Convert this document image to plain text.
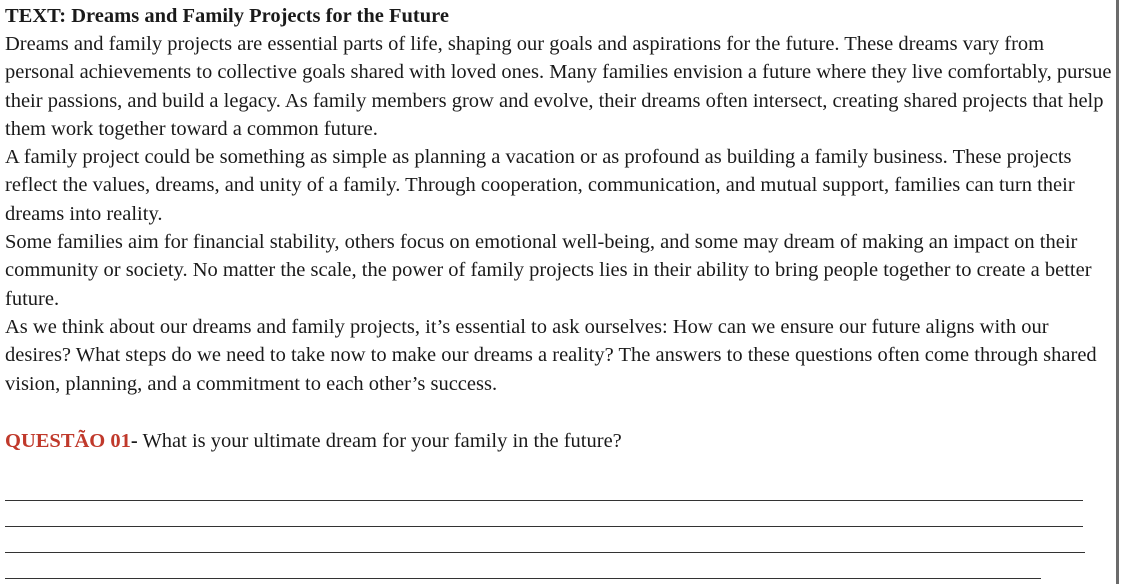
TEXT: Dreams and Family Projects for the Future

Dreams and family projects are essential parts of life, shaping our goals and aspirations for the future. These dreams vary from personal achievements to collective goals shared with loved ones. Many families envision a future where they live comfortably, pursue their passions, and build a legacy. As family members grow and evolve, their dreams often intersect, creating shared projects that help them work together toward a common future.

A family project could be something as simple as planning a vacation or as profound as building a family business. These projects reflect the values, dreams, and unity of a family. Through cooperation, communication, and mutual support, families can turn their dreams into reality.

Some families aim for financial stability, others focus on emotional well-being, and some may dream of making an impact on their community or society. No matter the scale, the power of family projects lies in their ability to bring people together to create a better future.

As we think about our dreams and family projects, it’s essential to ask ourselves: How can we ensure our future aligns with our desires? What steps do we need to take now to make our dreams a reality? The answers to these questions often come through shared vision, planning, and a commitment to each other’s success.

QUESTÃO 01- What is your ultimate dream for your family in the future?
